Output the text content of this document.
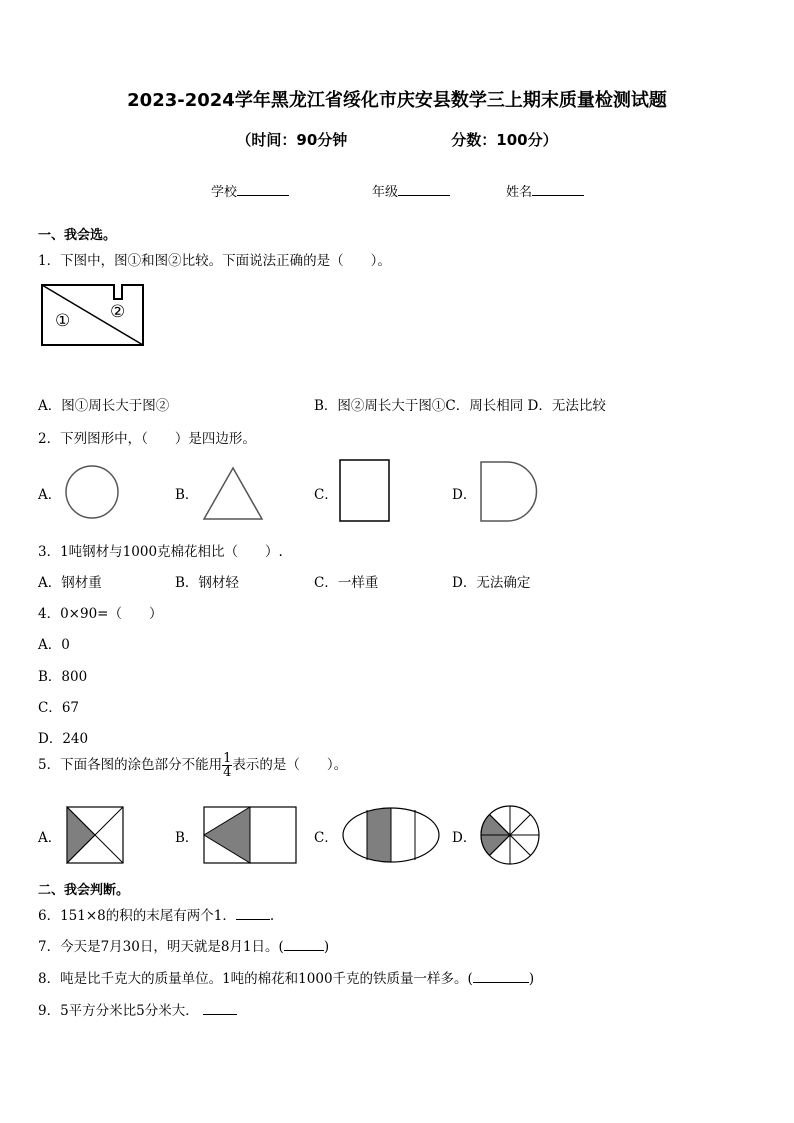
2023-2024学年黑龙江省绥化市庆安县数学三上期末质量检测试题
（时间：90分钟	分数：100分）
学校	年级	姓名
一、我会选。
1．下图中，图①和图②比较。下面说法正确的是（　　）。
① ②
A．图①周长大于图②	B．图②周长大于图①C．周长相同 D．无法比较
2．下列图形中，（　　）是四边形。
A．	B．	C．	D．
3．1吨钢材与1000克棉花相比（　　）.
A．钢材重	B．钢材轻	C．一样重	D．无法确定
4．0×90=（　　）
A．0
B．800
C．67
D．240
5．下面各图的涂色部分不能用 $\frac{1}{4}$ 表示的是（　　）。
A．	B．	C．	D．
二、我会判断。
6．151×8的积的末尾有两个1．	.
7．今天是7月30日，明天就是8月1日。(	)
8．吨是比千克大的质量单位。1吨的棉花和1000千克的铁质量一样多。(	)
9．5平方分米比5分米大．
